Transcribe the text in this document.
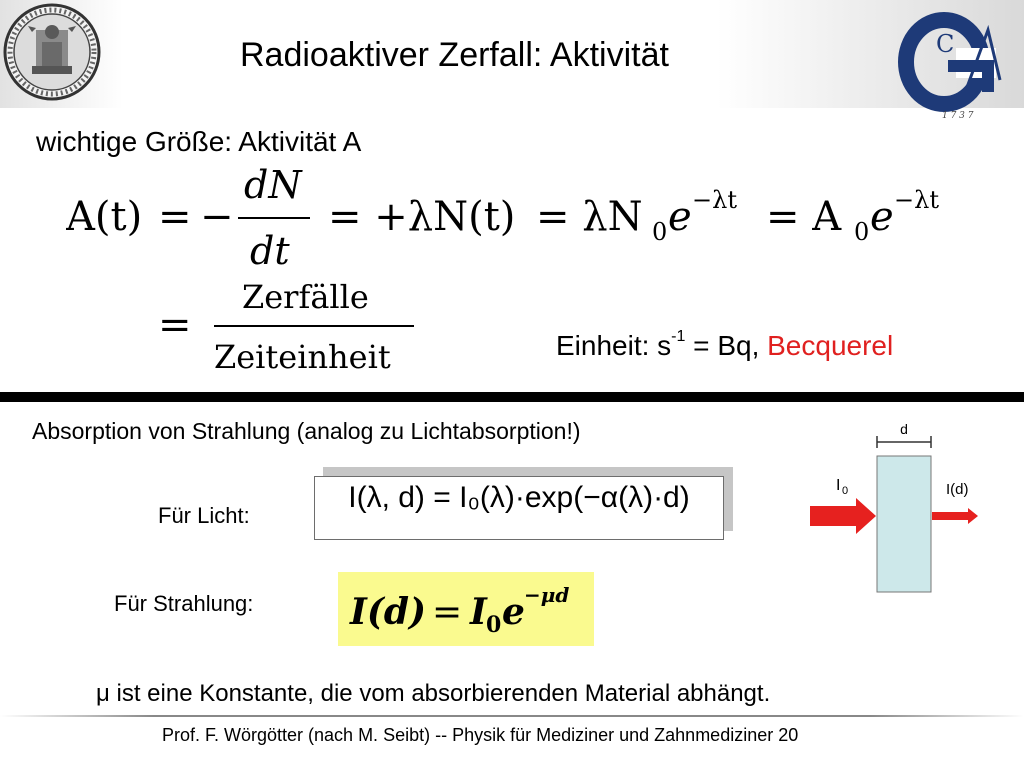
C
1 7 3 7
Radioaktiver Zerfall: Aktivität
wichtige Größe: Aktivität A
A(t) = −
dN
dt
= +λN(t) = λN 0 e −λt = A 0 e −λt
=
Zerfälle
Zeiteinheit	Einheit: $s^{-1} = Bq$, Becquerel
Absorption von Strahlung (analog zu Lichtabsorption!)
Für Licht:
I(λ, d) = I₀(λ)·exp(−α(λ)·d)
Für Strahlung:	I(d) = I 0 e −μd
d
I 0	I(d)
μ ist eine Konstante, die vom absorbierenden Material abhängt.
Prof. F. Wörgötter (nach M. Seibt) -- Physik für Mediziner und Zahnmediziner 20
